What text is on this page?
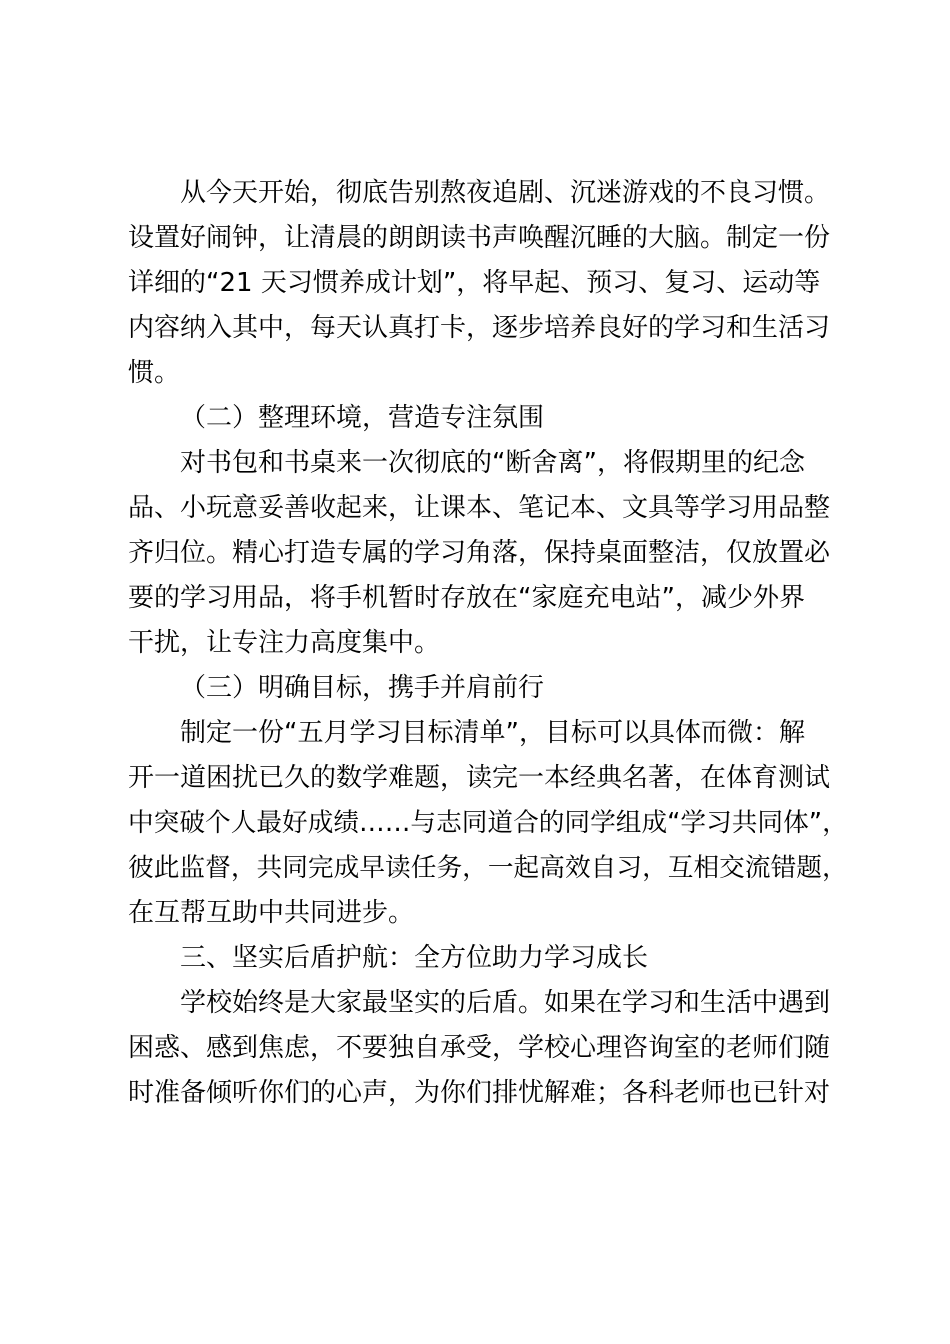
从今天开始，彻底告别熬夜追剧、沉迷游戏的不良习惯。
设置好闹钟，让清晨的朗朗读书声唤醒沉睡的大脑。制定一份
详细的“21 天习惯养成计划”，将早起、预习、复习、运动等
内容纳入其中，每天认真打卡，逐步培养良好的学习和生活习
惯。
（二）整理环境，营造专注氛围
对书包和书桌来一次彻底的“断舍离”，将假期里的纪念
品、小玩意妥善收起来，让课本、笔记本、文具等学习用品整
齐归位。精心打造专属的学习角落，保持桌面整洁，仅放置必
要的学习用品，将手机暂时存放在“家庭充电站”，减少外界
干扰，让专注力高度集中。
（三）明确目标，携手并肩前行
制定一份“五月学习目标清单”，目标可以具体而微：解
开一道困扰已久的数学难题，读完一本经典名著，在体育测试
中突破个人最好成绩……与志同道合的同学组成“学习共同体”，
彼此监督，共同完成早读任务，一起高效自习，互相交流错题，
在互帮互助中共同进步。
三、坚实后盾护航：全方位助力学习成长
学校始终是大家最坚实的后盾。如果在学习和生活中遇到
困惑、感到焦虑，不要独自承受，学校心理咨询室的老师们随
时准备倾听你们的心声，为你们排忧解难；各科老师也已针对
